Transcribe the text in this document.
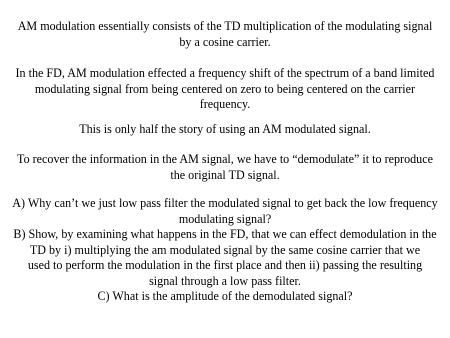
AM modulation essentially consists of the TD multiplication of the modulating signal
by a cosine carrier.

In the FD, AM modulation effected a frequency shift of the spectrum of a band limited
modulating signal from being centered on zero to being centered on the carrier
frequency.

This is only half the story of using an AM modulated signal.

To recover the information in the AM signal, we have to “demodulate” it to reproduce
the original TD signal.

A) Why can’t we just low pass filter the modulated signal to get back the low frequency
modulating signal?

B) Show, by examining what happens in the FD, that we can effect demodulation in the
TD by i) multiplying the am modulated signal by the same cosine carrier that we
used to perform the modulation in the first place and then ii) passing the resulting
signal through a low pass filter.

C) What is the amplitude of the demodulated signal?
